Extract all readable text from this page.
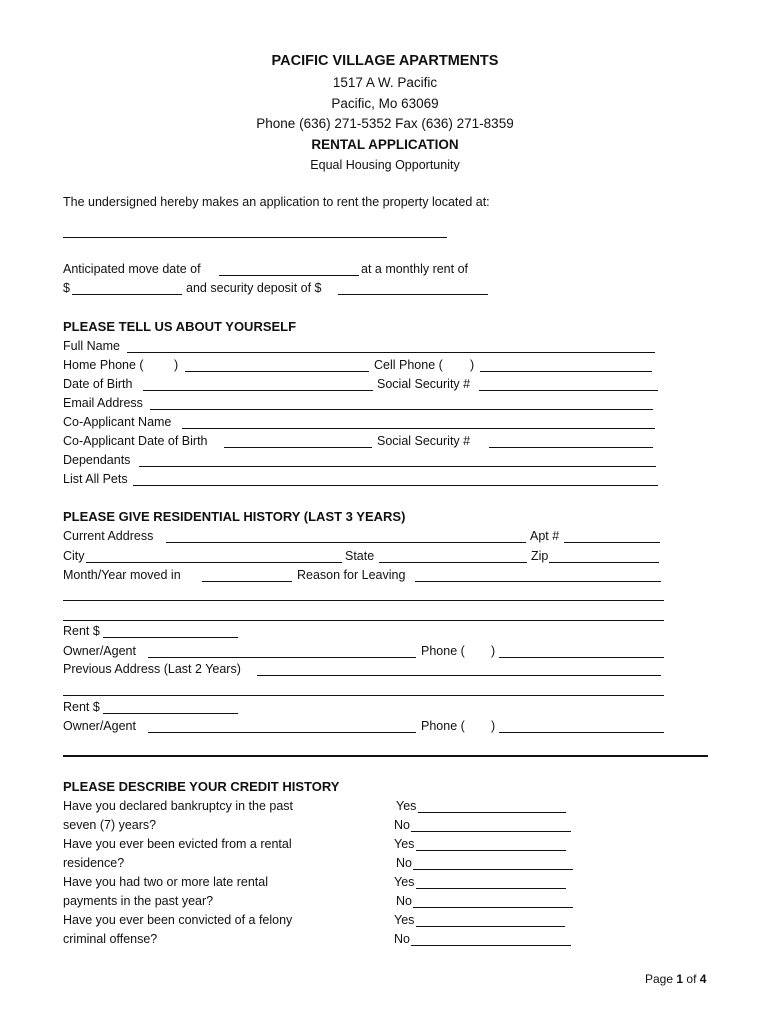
PACIFIC VILLAGE APARTMENTS
1517 A W. Pacific
Pacific, Mo 63069
Phone (636) 271-5352 Fax (636) 271-8359
RENTAL APPLICATION
Equal Housing Opportunity
The undersigned hereby makes an application to rent the property located at:
Anticipated move date of	at a monthly rent of
$	and security deposit of $
PLEASE TELL US ABOUT YOURSELF
Full Name
Home Phone ( )	Cell Phone ( )
Date of Birth	Social Security #
Email Address
Co-Applicant Name
Co-Applicant Date of Birth	Social Security #
Dependants
List All Pets
PLEASE GIVE RESIDENTIAL HISTORY (LAST 3 YEARS)
Current Address	Apt #
City	State	Zip
Month/Year moved in	Reason for Leaving
Rent $
Owner/Agent	Phone ( )
Previous Address (Last 2 Years)
Rent $
Owner/Agent	Phone ( )
PLEASE DESCRIBE YOUR CREDIT HISTORY
Have you declared bankruptcy in the past
seven (7) years?
Yes
No
Have you ever been evicted from a rental
residence?
Yes
No
Have you had two or more late rental
payments in the past year?
Yes
No
Have you ever been convicted of a felony
criminal offense?
Yes
No
Page 1 of 4
